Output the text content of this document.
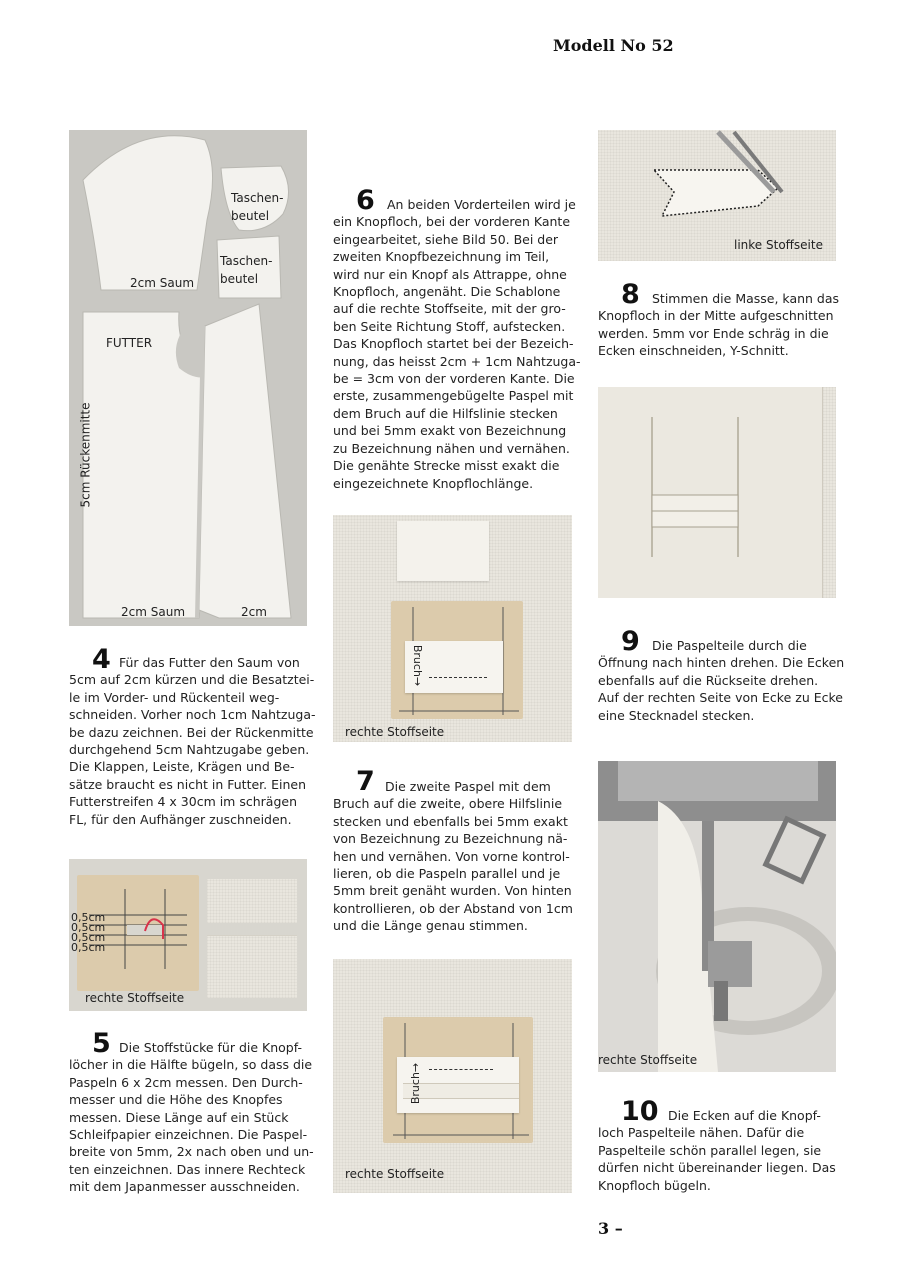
Modell No 52
Taschen-
beutel
Taschen-
beutel
2cm Saum
FUTTER
5cm Rückenmitte
2cm Saum	2cm
4 Für das Futter den Saum von
5cm auf 2cm kürzen und die Besatztei-
le im Vorder- und Rückenteil weg-
schneiden. Vorher noch 1cm Nahtzuga-
be dazu zeichnen. Bei der Rückenmitte
durchgehend 5cm Nahtzugabe geben.
Die Klappen, Leiste, Krägen und Be-
sätze braucht es nicht in Futter. Einen
Futterstreifen 4 x 30cm im schrägen
FL, für den Aufhänger zuschneiden.
0,5cm
0,5cm
0,5cm
0,5cm
rechte Stoffseite
5 Die Stoffstücke für die Knopf-
löcher in die Hälfte bügeln, so dass die
Paspeln 6 x 2cm messen. Den Durch-
messer und die Höhe des Knopfes
messen. Diese Länge auf ein Stück
Schleifpapier einzeichnen. Die Paspel-
breite von 5mm, 2x nach oben und un-
ten einzeichnen. Das innere Rechteck
mit dem Japanmesser ausschneiden.
6 An beiden Vorderteilen wird je
ein Knopfloch, bei der vorderen Kante
eingearbeitet, siehe Bild 50. Bei der
zweiten Knopfbezeichnung im Teil,
wird nur ein Knopf als Attrappe, ohne
Knopfloch, angenäht. Die Schablone
auf die rechte Stoffseite, mit der gro-
ben Seite Richtung Stoff, aufstecken.
Das Knopfloch startet bei der Bezeich-
nung, das heisst 2cm + 1cm Nahtzuga-
be = 3cm von der vorderen Kante. Die
erste, zusammengebügelte Paspel mit
dem Bruch auf die Hilfslinie stecken
und bei 5mm exakt von Bezeichnung
zu Bezeichnung nähen und vernähen.
Die genähte Strecke misst exakt die
eingezeichnete Knopflochlänge.
Bruch→
rechte Stoffseite
7 Die zweite Paspel mit dem
Bruch auf die zweite, obere Hilfslinie
stecken und ebenfalls bei 5mm exakt
von Bezeichnung zu Bezeichnung nä-
hen und vernähen. Von vorne kontrol-
lieren, ob die Paspeln parallel und je
5mm breit genäht wurden. Von hinten
kontrollieren, ob der Abstand von 1cm
und die Länge genau stimmen.
Bruch→
rechte Stoffseite
linke Stoffseite
8 Stimmen die Masse, kann das
Knopfloch in der Mitte aufgeschnitten
werden. 5mm vor Ende schräg in die
Ecken einschneiden, Y-Schnitt.
9 Die Paspelteile durch die
Öffnung nach hinten drehen. Die Ecken
ebenfalls auf die Rückseite drehen.
Auf der rechten Seite von Ecke zu Ecke
eine Stecknadel stecken.
rechte Stoffseite
10 Die Ecken auf die Knopf-
loch Paspelteile nähen. Dafür die
Paspelteile schön parallel legen, sie
dürfen nicht übereinander liegen. Das
Knopfloch bügeln.
3 –
